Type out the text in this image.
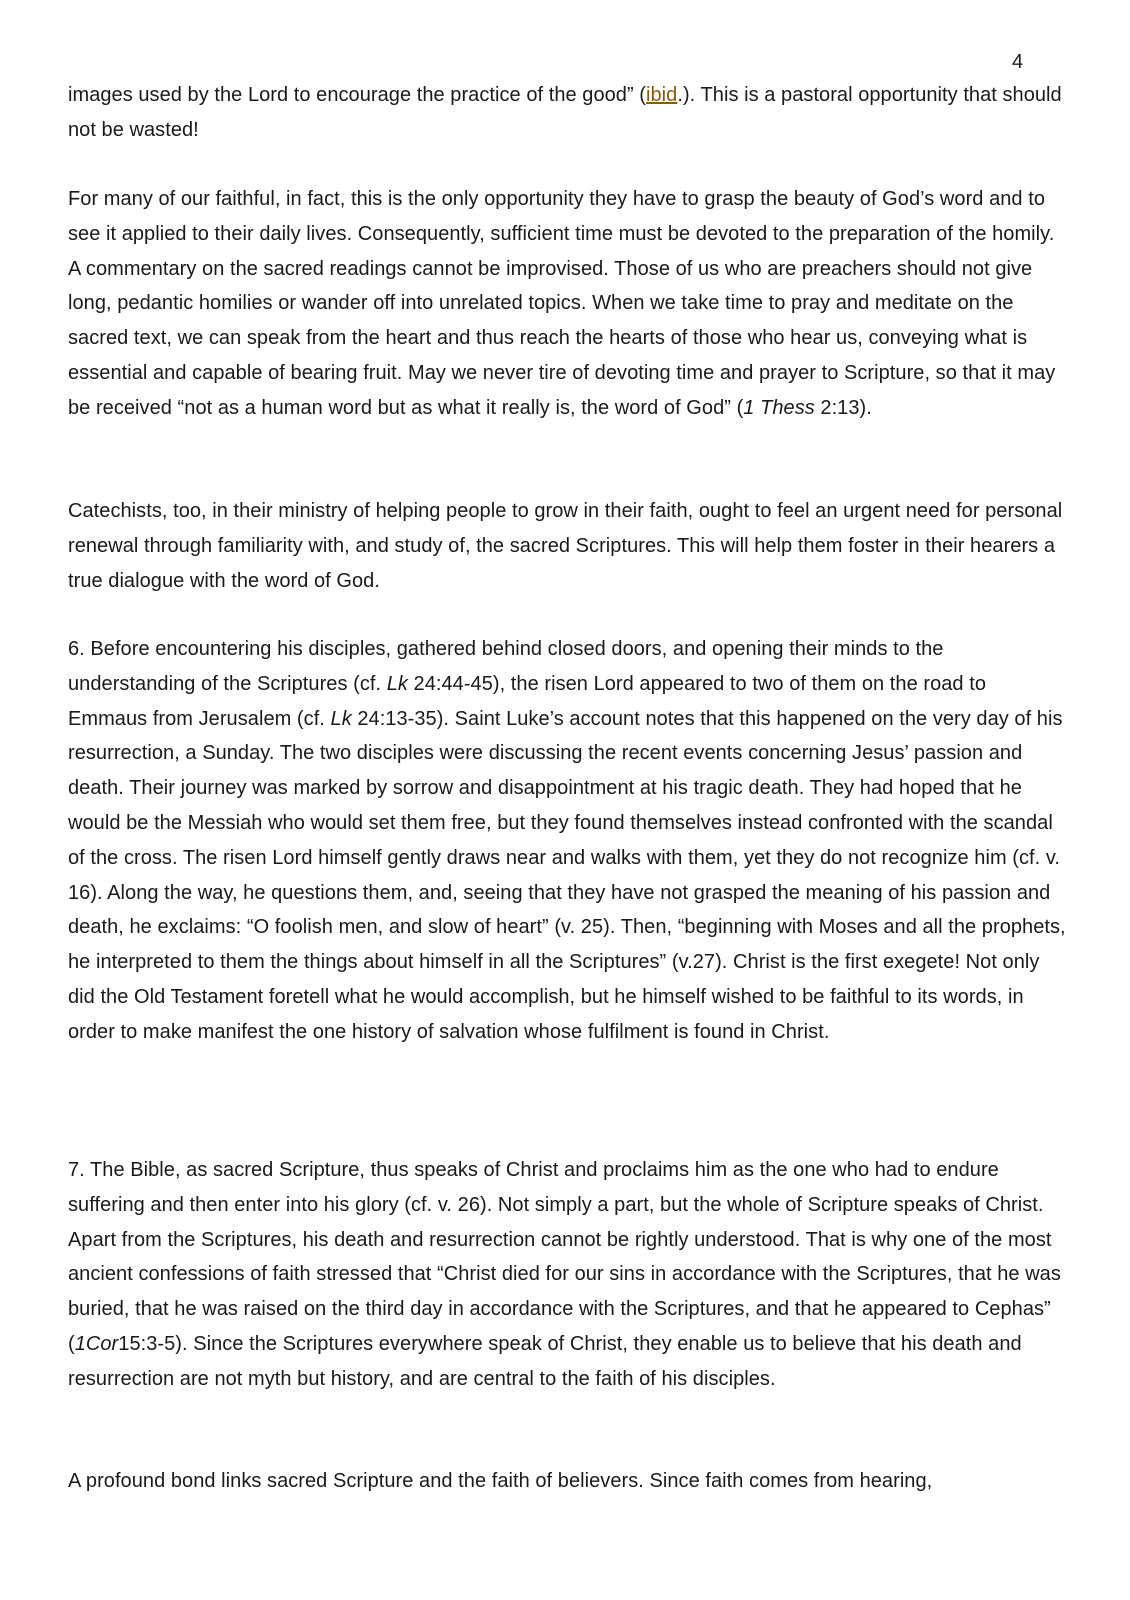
4

images used by the Lord to encourage the practice of the good” (ibid.). This is a pastoral opportunity that should not be wasted!

For many of our faithful, in fact, this is the only opportunity they have to grasp the beauty of God’s word and to see it applied to their daily lives. Consequently, sufficient time must be devoted to the preparation of the homily. A commentary on the sacred readings cannot be improvised. Those of us who are preachers should not give long, pedantic homilies or wander off into unrelated topics. When we take time to pray and meditate on the sacred text, we can speak from the heart and thus reach the hearts of those who hear us, conveying what is essential and capable of bearing fruit. May we never tire of devoting time and prayer to Scripture, so that it may be received “not as a human word but as what it really is, the word of God” (1 Thess 2:13).

Catechists, too, in their ministry of helping people to grow in their faith, ought to feel an urgent need for personal renewal through familiarity with, and study of, the sacred Scriptures. This will help them foster in their hearers a true dialogue with the word of God.

6. Before encountering his disciples, gathered behind closed doors, and opening their minds to the understanding of the Scriptures (cf. Lk 24:44-45), the risen Lord appeared to two of them on the road to Emmaus from Jerusalem (cf. Lk 24:13-35). Saint Luke’s account notes that this happened on the very day of his resurrection, a Sunday. The two disciples were discussing the recent events concerning Jesus’ passion and death. Their journey was marked by sorrow and disappointment at his tragic death. They had hoped that he would be the Messiah who would set them free, but they found themselves instead confronted with the scandal of the cross. The risen Lord himself gently draws near and walks with them, yet they do not recognize him (cf. v. 16). Along the way, he questions them, and, seeing that they have not grasped the meaning of his passion and death, he exclaims: “O foolish men, and slow of heart” (v. 25). Then, “beginning with Moses and all the prophets, he interpreted to them the things about himself in all the Scriptures” (v.27). Christ is the first exegete! Not only did the Old Testament foretell what he would accomplish, but he himself wished to be faithful to its words, in order to make manifest the one history of salvation whose fulfilment is found in Christ.

7. The Bible, as sacred Scripture, thus speaks of Christ and proclaims him as the one who had to endure suffering and then enter into his glory (cf. v. 26). Not simply a part, but the whole of Scripture speaks of Christ. Apart from the Scriptures, his death and resurrection cannot be rightly understood. That is why one of the most ancient confessions of faith stressed that “Christ died for our sins in accordance with the Scriptures, that he was buried, that he was raised on the third day in accordance with the Scriptures, and that he appeared to Cephas” (1Cor15:3-5). Since the Scriptures everywhere speak of Christ, they enable us to believe that his death and resurrection are not myth but history, and are central to the faith of his disciples.

A profound bond links sacred Scripture and the faith of believers. Since faith comes from hearing,
